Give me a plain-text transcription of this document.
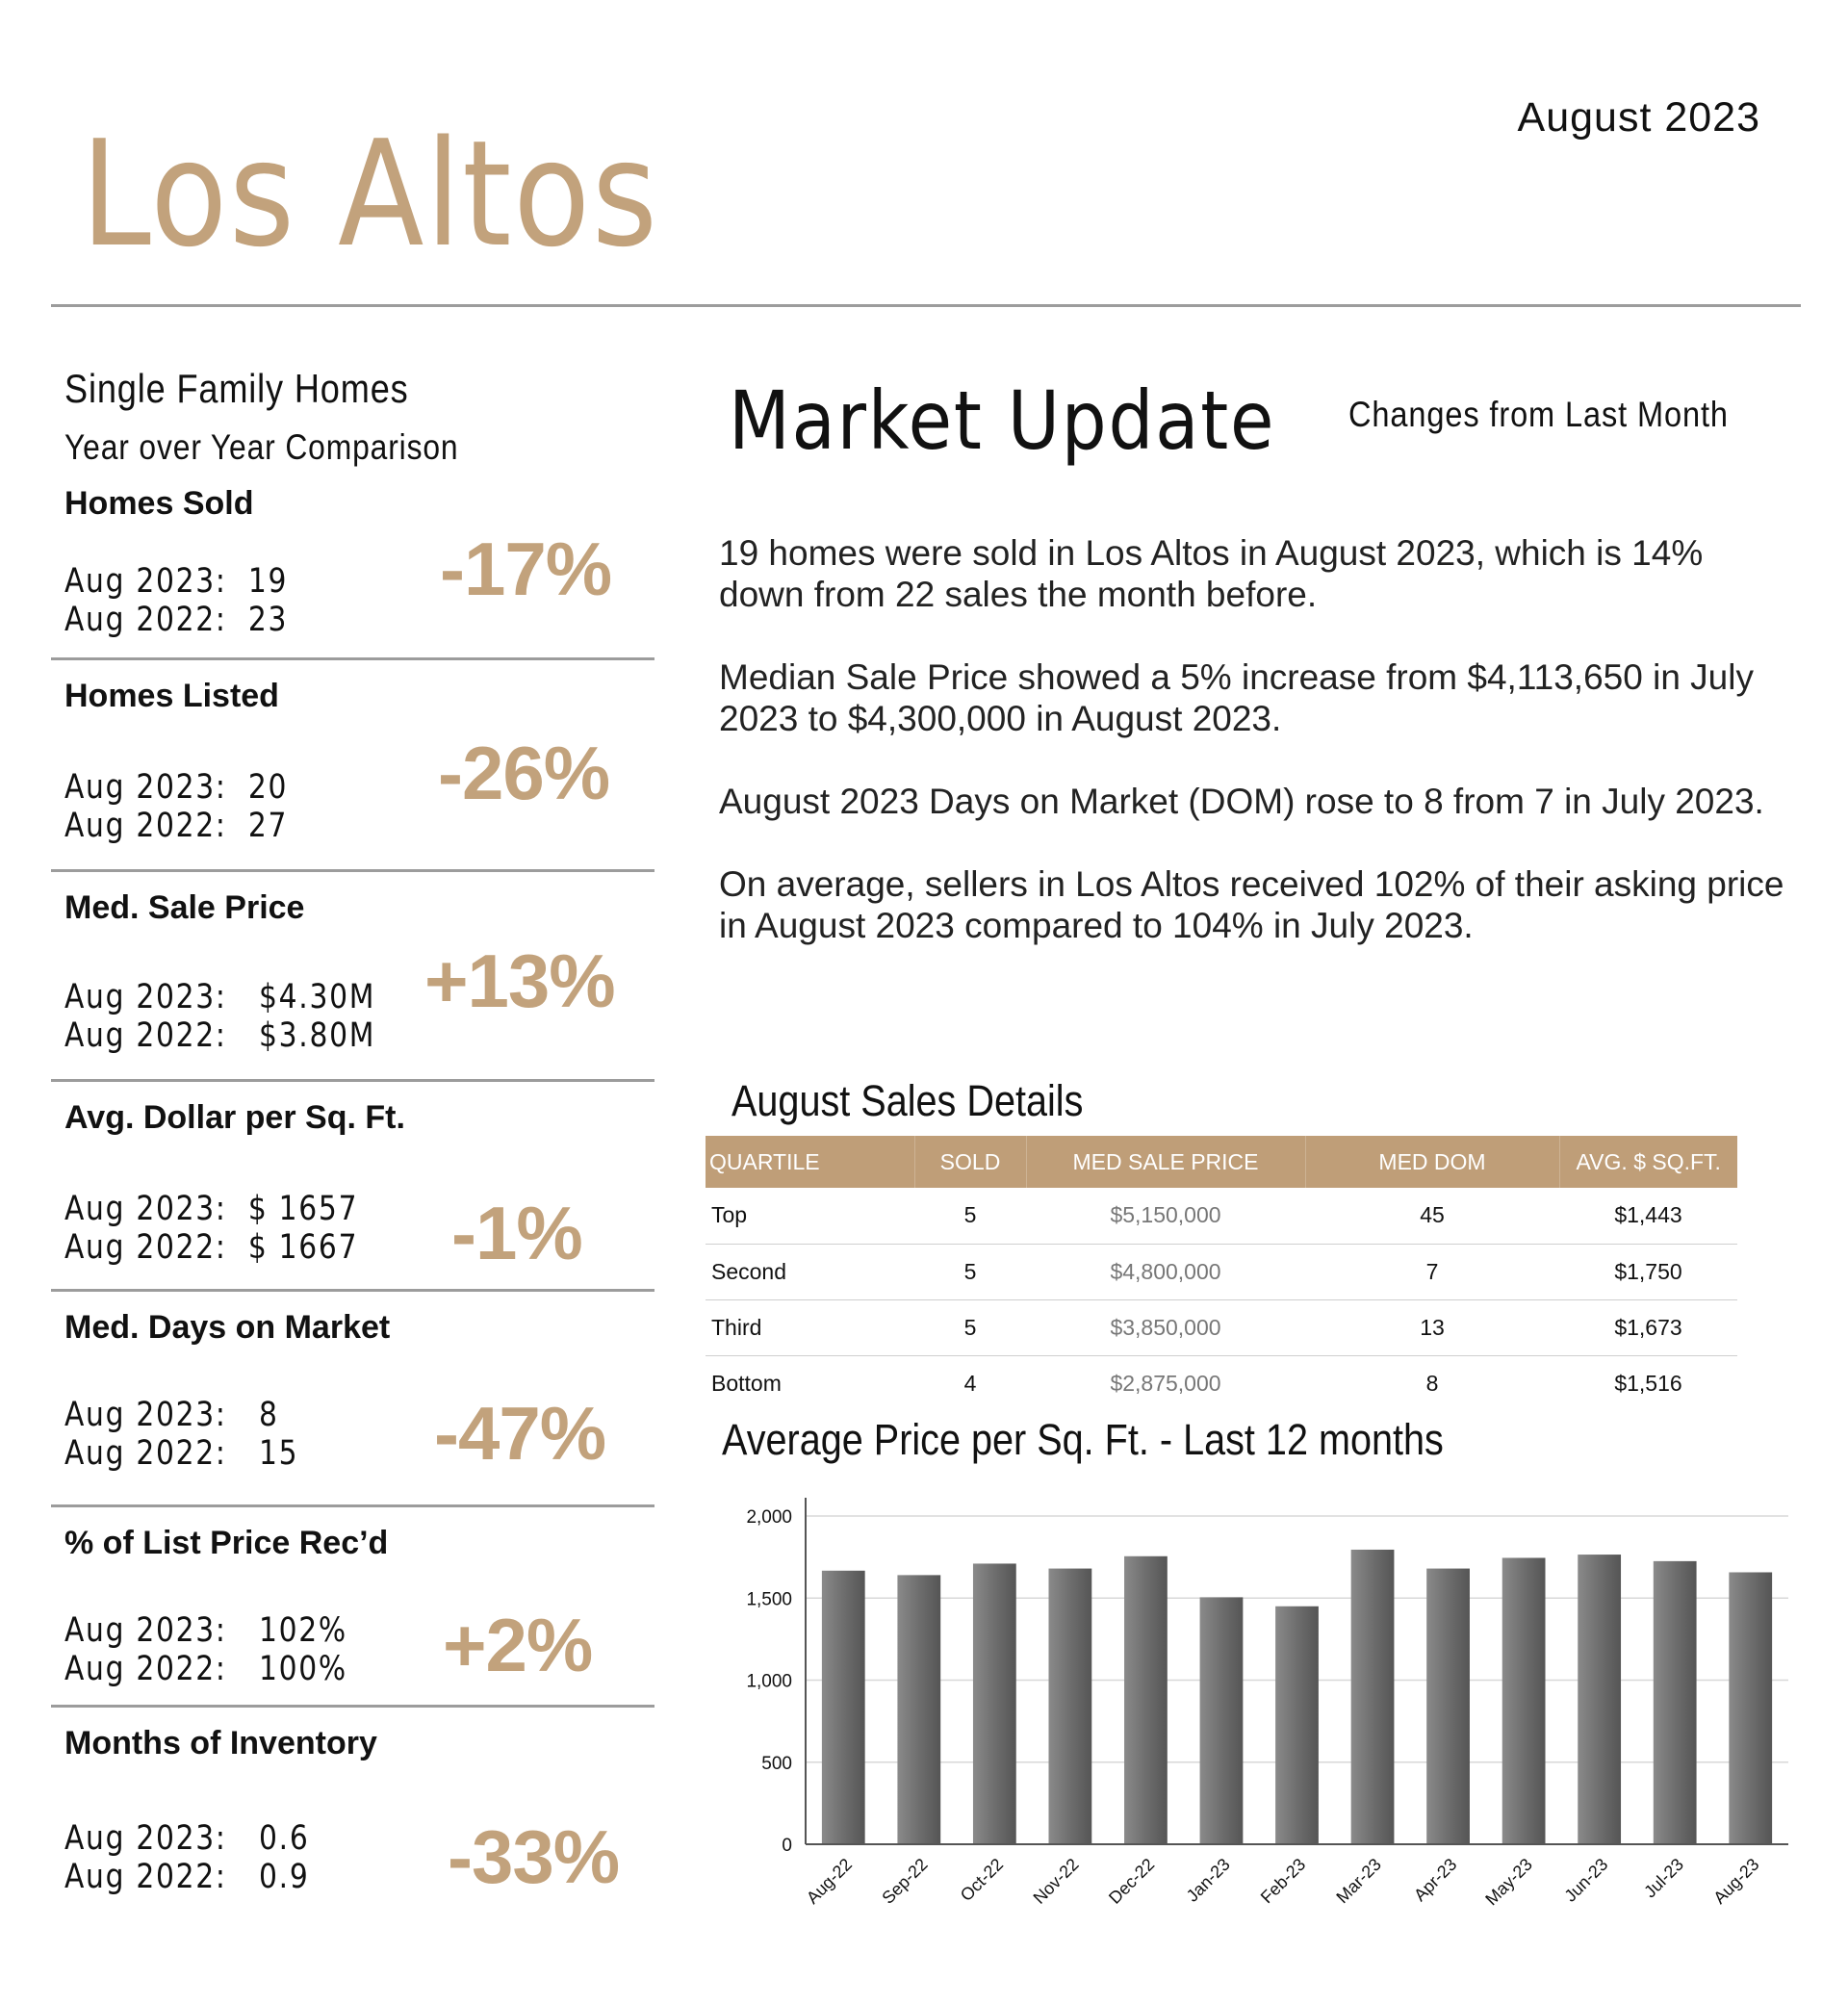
August 2023
Los Altos
Single Family Homes
Year over Year Comparison
Homes Sold
Aug 2023:  19
Aug 2022:  23
-17%
Homes Listed
Aug 2023:  20
Aug 2022:  27
-26%
Med. Sale Price
Aug 2023:   $4.30M
Aug 2022:   $3.80M
+13%
Avg. Dollar per Sq. Ft.
Aug 2023:  $ 1657
Aug 2022:  $ 1667 -1%
Med. Days on Market
Aug 2023:   8
Aug 2022:   15 -47%
% of List Price Rec’d
Aug 2023:   102%
Aug 2022:   100% +2%
Months of Inventory
Aug 2023:   0.6
Aug 2022:   0.9 -33%
Market Update Changes from Last Month

19 homes were sold in Los Altos in August 2023, which is 14% down from 22 sales the month before.

Median Sale Price showed a 5% increase from $4,113,650 in July 2023 to $4,300,000 in August 2023.

August 2023 Days on Market (DOM) rose to 8 from 7 in July 2023.

On average, sellers in Los Altos received 102% of their asking price in August 2023 compared to 104% in July 2023.

August Sales Details
QUARTILE	SOLD	MED SALE PRICE	MED DOM	AVG. $ SQ.FT.
Top	5	$5,150,000	45	$1,443
Second	5	$4,800,000	7	$1,750
Third	5	$3,850,000	13	$1,673
Bottom	4	$2,875,000	8	$1,516
Average Price per Sq. Ft. - Last 12 months
0
500
1,000
1,500
2,000
Aug-22 Sep-22 Oct-22 Nov-22 Dec-22 Jan-23 Feb-23 Mar-23 Apr-23 May-23 Jun-23 Jul-23 Aug-23
